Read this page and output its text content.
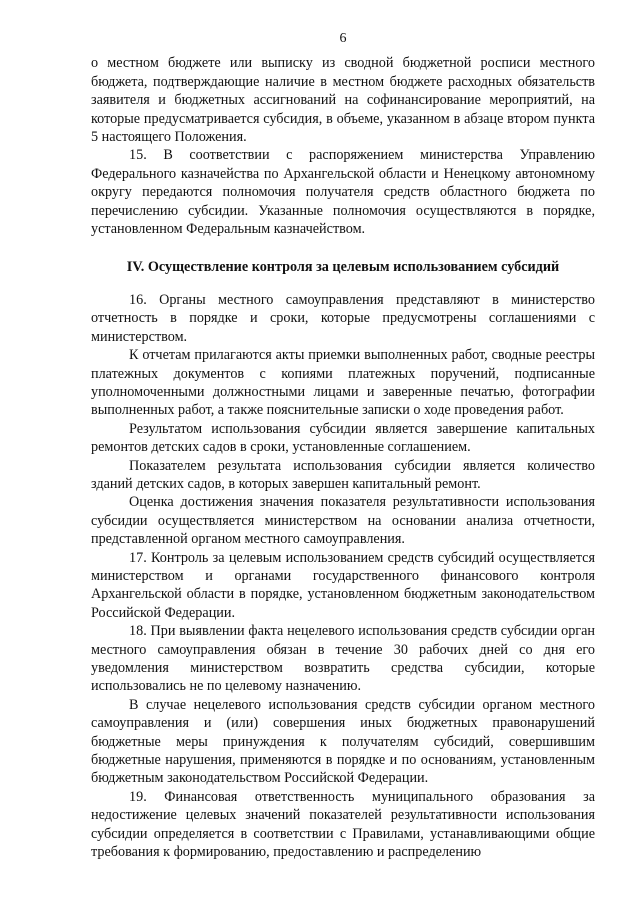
6

о местном бюджете или выписку из сводной бюджетной росписи местного бюджета, подтверждающие наличие в местном бюджете расходных обязательств заявителя и бюджетных ассигнований на софинансирование мероприятий, на которые предусматривается субсидия, в объеме, указанном в абзаце втором пункта 5 настоящего Положения.

15. В соответствии с распоряжением министерства Управлению Федерального казначейства по Архангельской области и Ненецкому автономному округу передаются полномочия получателя средств областного бюджета по перечислению субсидии. Указанные полномочия осуществляются в порядке, установленном Федеральным казначейством.

IV. Осуществление контроля за целевым использованием субсидий

16. Органы местного самоуправления представляют в министерство отчетность в порядке и сроки, которые предусмотрены соглашениями с министерством.

К отчетам прилагаются акты приемки выполненных работ, сводные реестры платежных документов с копиями платежных поручений, подписанные уполномоченными должностными лицами и заверенные печатью, фотографии выполненных работ, а также пояснительные записки о ходе проведения работ.

Результатом использования субсидии является завершение капитальных ремонтов детских садов в сроки, установленные соглашением.

Показателем результата использования субсидии является количество зданий детских садов, в которых завершен капитальный ремонт.

Оценка достижения значения показателя результативности использования субсидии осуществляется министерством на основании анализа отчетности, представленной органом местного самоуправления.

17. Контроль за целевым использованием средств субсидий осуществляется министерством и органами государственного финансового контроля Архангельской области в порядке, установленном бюджетным законодательством Российской Федерации.

18. При выявлении факта нецелевого использования средств субсидии орган местного самоуправления обязан в течение 30 рабочих дней со дня его уведомления министерством возвратить средства субсидии, которые использовались не по целевому назначению.

В случае нецелевого использования средств субсидии органом местного самоуправления и (или) совершения иных бюджетных правонарушений бюджетные меры принуждения к получателям субсидий, совершившим бюджетные нарушения, применяются в порядке и по основаниям, установленным бюджетным законодательством Российской Федерации.

19. Финансовая ответственность муниципального образования за недостижение целевых значений показателей результативности использования субсидии определяется в соответствии с Правилами, устанавливающими общие требования к формированию, предоставлению и распределению
